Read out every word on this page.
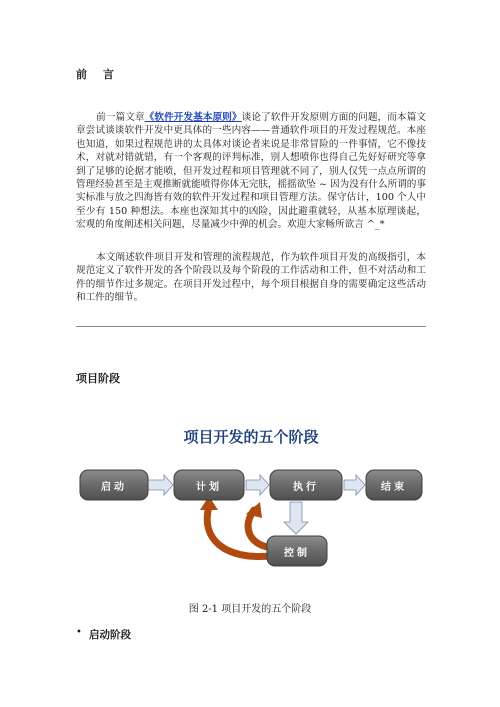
前 言

前一篇文章《软件开发基本原则》谈论了软件开发原则方面的问题，而本篇文章尝试谈谈软件开发中更具体的一些内容——普通软件项目的开发过程规范。本座也知道，如果过程规范讲的太具体对谈论者来说是非常冒险的一件事情，它不像技术，对就对错就错，有一个客观的评判标准，别人想喷你也得自己先好好研究等拿到了足够的论据才能喷，但开发过程和项目管理就不同了，别人仅凭一点点所谓的管理经验甚至是主观推断就能喷得你体无完肤，摇摇欲坠 ~ 因为没有什么所谓的事实标准与放之四海皆有效的软件开发过程和项目管理方法。保守估计，100 个人中至少有 150 种想法。本座也深知其中的凶险，因此避重就轻，从基本原理谈起，宏观的角度阐述相关问题，尽量减少中弹的机会。欢迎大家畅所欲言 ^_*

本文阐述软件项目开发和管理的流程规范，作为软件项目开发的高级指引，本规范定义了软件开发的各个阶段以及每个阶段的工作活动和工件，但不对活动和工件的细节作过多规定。在项目开发过程中，每个项目根据自身的需要确定这些活动和工件的细节。

项目阶段
项目开发的五个阶段
启动	计划	执行	结束
控制
图 2-1 项目开发的五个阶段
• 启动阶段
